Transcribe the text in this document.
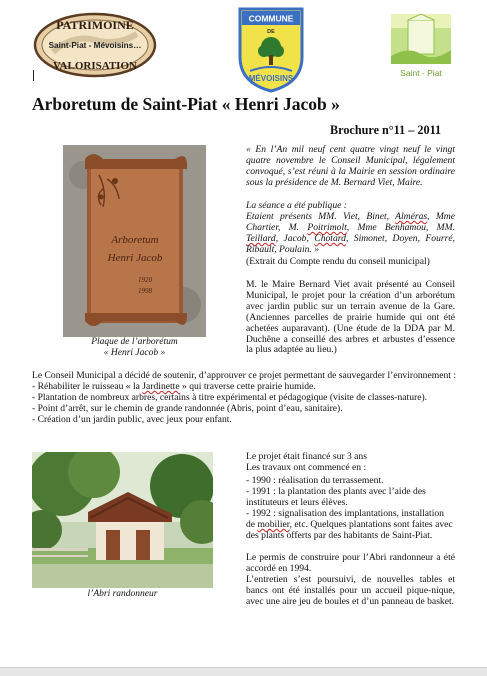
PATRIMOINE
Saint-Piat - Mévoisins…
VALORISATION
COMMUNE
DE
MÉVOISINS
Saint - Piat
Arboretum de Saint-Piat « Henri Jacob »
Brochure n°11 – 2011
Arboretum
Henri Jacob
1920
1998
Plaque de l’arborétum
« Henri Jacob »
« En l’An mil neuf cent quatre vingt neuf le vingt quatre novembre le Conseil Municipal, légalement convoqué, s’est réuni à la Mairie en session ordinaire sous la présidence de M. Bernard Viet, Maire.
La séance a été publique :
Etaient présents MM. Viet, Binet, Alméras, Mme Chartier, M. Poitrimolt, Mme Benhamou, MM. Teillard, Jacob, Chotard, Simonet, Doyen, Fourré, Ribault, Poulain. »
(Extrait du Compte rendu du conseil municipal)
M. le Maire Bernard Viet avait présenté au Conseil Municipal, le projet pour la création d’un arborétum avec jardin public sur un terrain avenue de la Gare. (Anciennes parcelles de prairie humide qui ont été achetées auparavant). (Une étude de la DDA par M. Duchêne a conseillé des arbres et arbustes d’essence la plus adaptée au lieu.)

Le Conseil Municipal a décidé de soutenir, d’approuver ce projet permettant de sauvegarder l’environnement :

- Réhabiliter le ruisseau « la Jardinette » qui traverse cette prairie humide.

- Plantation de nombreux arbres, certains à titre expérimental et pédagogique (visite de classes-nature).

- Point d’arrêt, sur le chemin de grande randonnée (Abris, point d’eau, sanitaire).

- Création d’un jardin public, avec jeux pour enfant.

l’Abri randonneur
Le projet était financé sur 3 ans
Les travaux ont commencé en :
- 1990 : réalisation du terrassement.
- 1991 : la plantation des plants avec l’aide des instituteurs et leurs élèves.
- 1992 : signalisation des implantations, installation de mobilier, etc. Quelques plantations sont faites avec des plants offerts par des habitants de Saint-Piat.
Le permis de construire pour l’Abri randonneur a été accordé en 1994.
L’entretien s’est poursuivi, de nouvelles tables et bancs ont été installés pour un accueil pique-nique, avec une aire jeu de boules et d’un panneau de basket.
